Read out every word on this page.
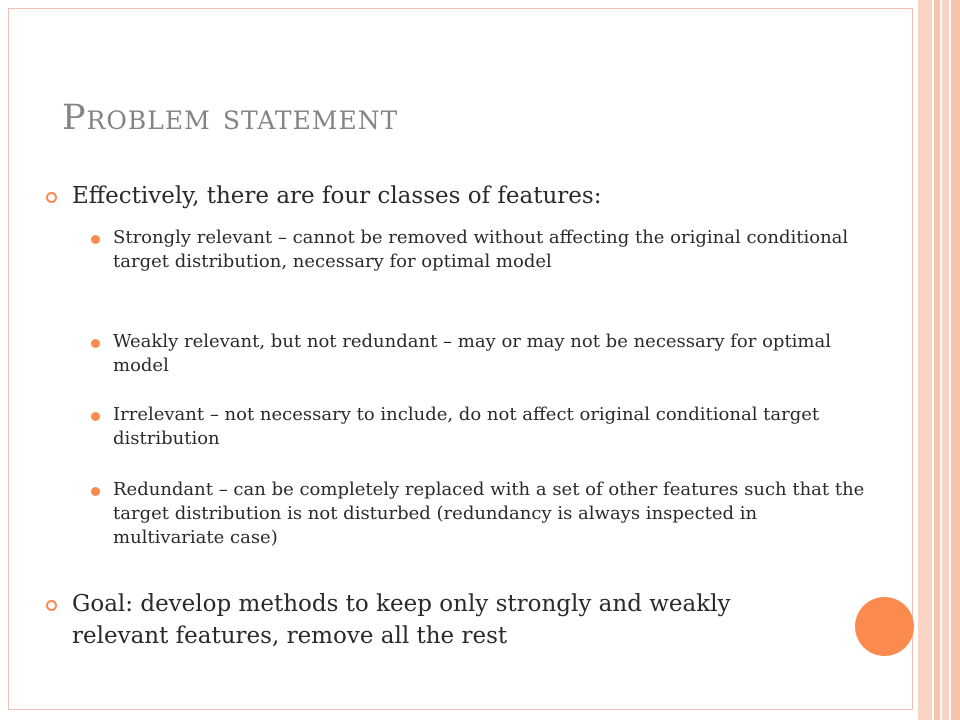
Problem statement
Effectively, there are four classes of features:
Strongly relevant – cannot be removed without affecting the original conditional target distribution, necessary for optimal model
Weakly relevant, but not redundant – may or may not be necessary for optimal model
Irrelevant – not necessary to include, do not affect original conditional target distribution
Redundant – can be completely replaced with a set of other features such that the target distribution is not disturbed (redundancy is always inspected in multivariate case)
Goal: develop methods to keep only strongly and weakly relevant features, remove all the rest
